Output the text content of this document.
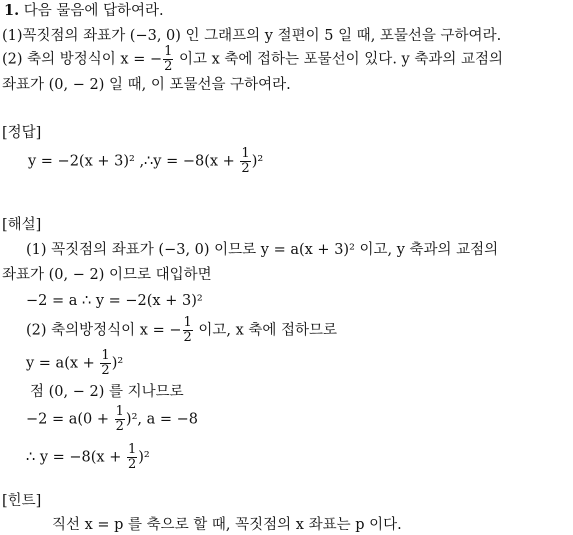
1. 다음 물음에 답하여라.
(1)꼭짓점의 좌표가 (−3, 0) 인 그래프의 y 절편이 5 일 때, 포물선을 구하여라.
(2) 축의 방정식이 x = − $\frac{1}{2}$ 이고 x 축에 접하는 포물선이 있다. y 축과의 교점의
좌표가 (0, − 2) 일 때, 이 포물선을 구하여라.
[정답]
y = −2(x + 3)² ,∴y = $-8(x + \frac{1}{2} )^2$
[해설]
(1) 꼭짓점의 좌표가 (−3, 0) 이므로 y = a(x + 3)² 이고, y 축과의 교점의
좌표가 (0, − 2) 이므로 대입하면
−2 = a ∴ y = −2(x + 3)²
(2) 축의방정식이 x = − $\frac{1}{2}$ 이고, x 축에 접하므로
$y = a(x + \frac{1}{2} )^2$
점 (0, − 2) 를 지나므로
$-2 = a(0 + \frac{1}{2} )^2$, a = −8
∴ $y = -8(x + \frac{1}{2} )^2$
[힌트]
직선 x = p 를 축으로 할 때, 꼭짓점의 x 좌표는 p 이다.
